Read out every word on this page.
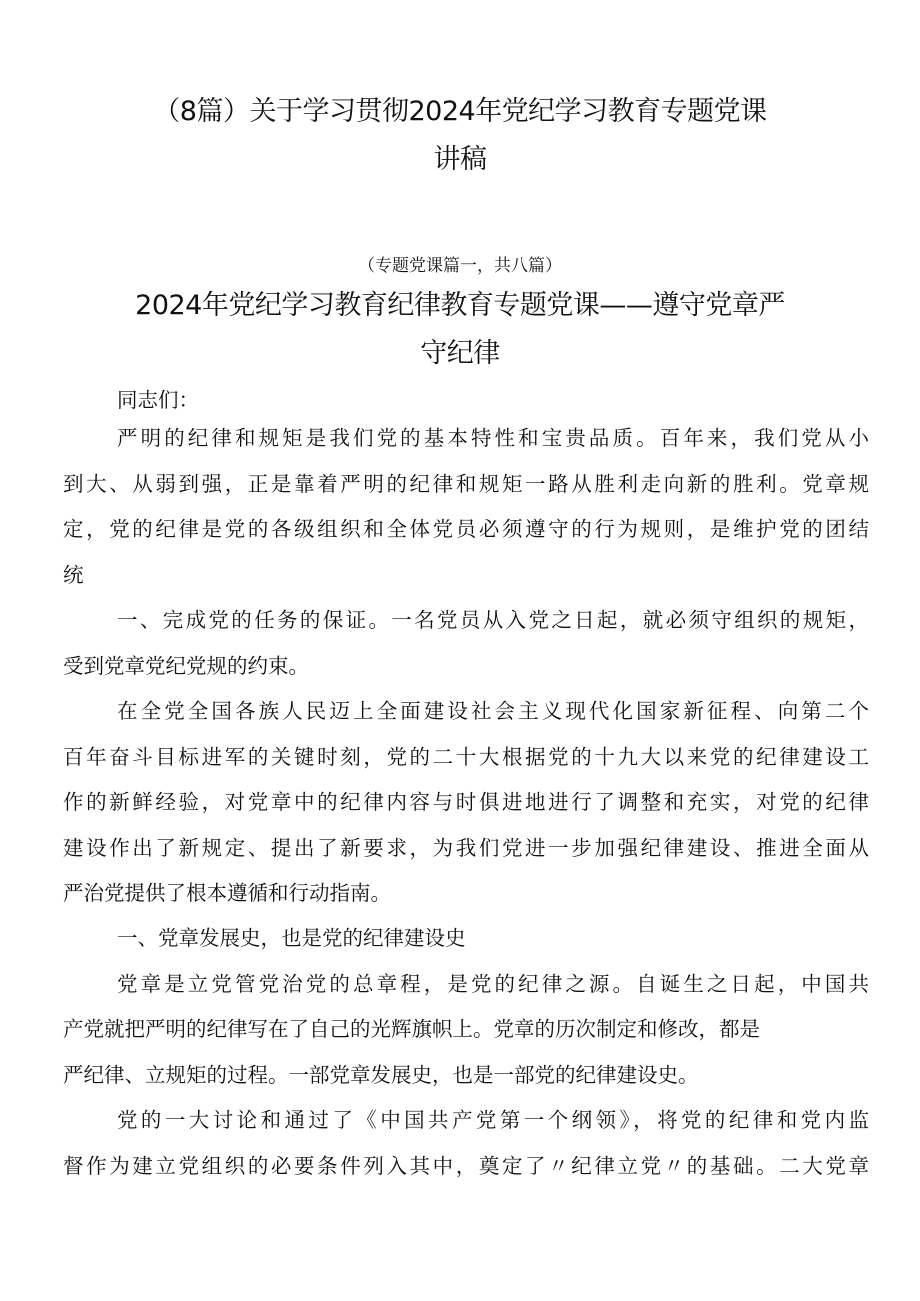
（8篇）关于学习贯彻2024年党纪学习教育专题党课
讲稿
（专题党课篇一，共八篇）
2024年党纪学习教育纪律教育专题党课——遵守党章严
守纪律
同志们：
严明的纪律和规矩是我们党的基本特性和宝贵品质。百年来，我们党从小
到大、从弱到强，正是靠着严明的纪律和规矩一路从胜利走向新的胜利。党章规
定，党的纪律是党的各级组织和全体党员必须遵守的行为规则，是维护党的团结
统
一、完成党的任务的保证。一名党员从入党之日起，就必须守组织的规矩，
受到党章党纪党规的约束。
在全党全国各族人民迈上全面建设社会主义现代化国家新征程、向第二个
百年奋斗目标进军的关键时刻，党的二十大根据党的十九大以来党的纪律建设工
作的新鲜经验，对党章中的纪律内容与时俱进地进行了调整和充实，对党的纪律
建设作出了新规定、提出了新要求，为我们党进一步加强纪律建设、推进全面从
严治党提供了根本遵循和行动指南。
一、党章发展史，也是党的纪律建设史
党章是立党管党治党的总章程，是党的纪律之源。自诞生之日起，中国共
产党就把严明的纪律写在了自己的光辉旗帜上。党章的历次制定和修改，都是
严纪律、立规矩的过程。一部党章发展史，也是一部党的纪律建设史。
党的一大讨论和通过了《中国共产党第一个纲领》，将党的纪律和党内监
督作为建立党组织的必要条件列入其中，奠定了〃纪律立党〃的基础。二大党章
